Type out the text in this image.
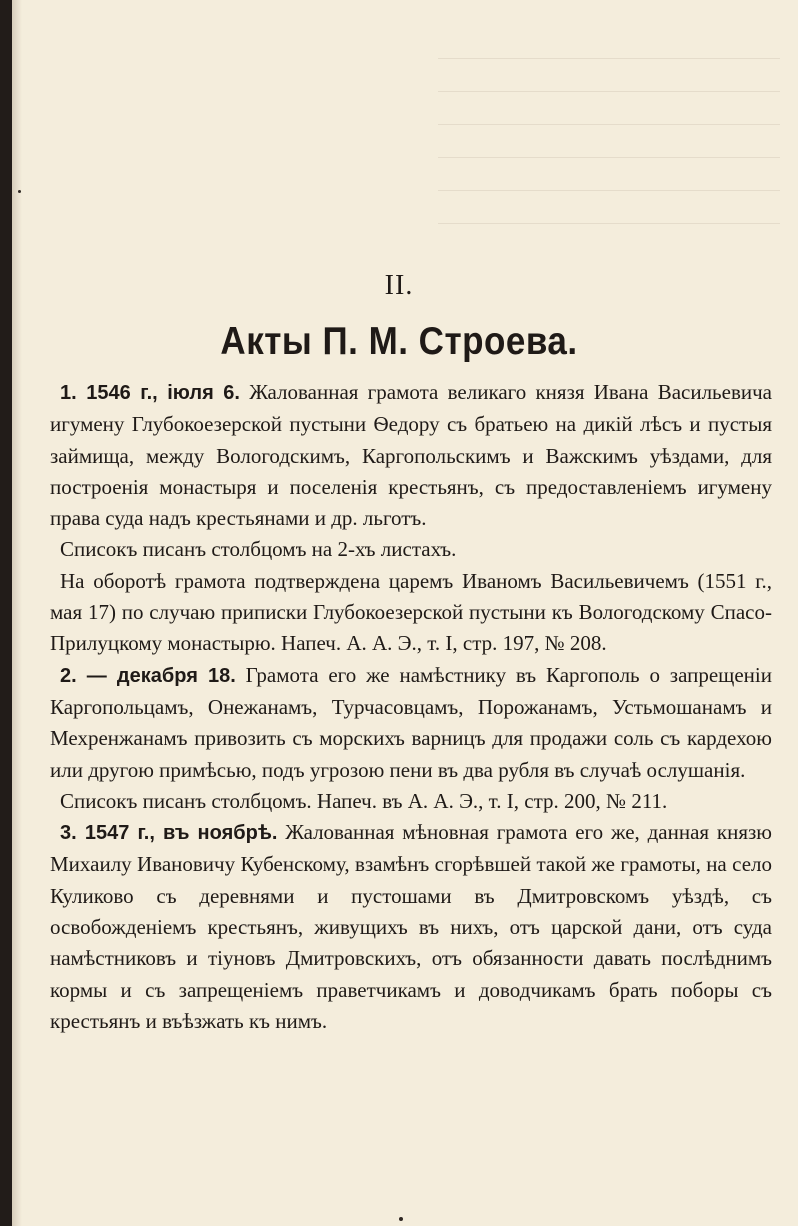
II.
Акты П. М. Строева.

1. 1546 г., іюля 6. Жалованная грамота великаго князя Ивана Васильевича игумену Глубокоезерской пустыни Ѳедору съ братьею на дикій лѣсъ и пустыя займища, между Вологодскимъ, Каргопольскимъ и Важскимъ уѣздами, для построенія монастыря и поселенія крестьянъ, съ предоставленіемъ игумену права суда надъ крестьянами и др. льготъ.

Списокъ писанъ столбцомъ на 2-хъ листахъ.

На оборотѣ грамота подтверждена царемъ Иваномъ Васильевичемъ (1551 г., мая 17) по случаю приписки Глубокоезерской пустыни къ Вологодскому Спасо-Прилуцкому монастырю. Напеч. А. А. Э., т. I, стр. 197, № 208.

2. — декабря 18. Грамота его же намѣстнику въ Каргополь о запрещеніи Каргопольцамъ, Онежанамъ, Турчасовцамъ, Порожанамъ, Устьмошанамъ и Мехренжанамъ привозить съ морскихъ варницъ для продажи соль съ кардехою или другою примѣсью, подъ угрозою пени въ два рубля въ случаѣ ослушанія.

Списокъ писанъ столбцомъ. Напеч. въ А. А. Э., т. I, стр. 200, № 211.

3. 1547 г., въ ноябрѣ. Жалованная мѣновная грамота его же, данная князю Михаилу Ивановичу Кубенскому, взамѣнъ сгорѣвшей такой же грамоты, на село Куликово съ деревнями и пустошами въ Дмитровскомъ уѣздѣ, съ освобожденіемъ крестьянъ, живущихъ въ нихъ, отъ царской дани, отъ суда намѣстниковъ и тіуновъ Дмитровскихъ, отъ обязанности давать послѣднимъ кормы и съ запрещеніемъ праветчикамъ и доводчикамъ брать поборы съ крестьянъ и въѣзжать къ нимъ.
